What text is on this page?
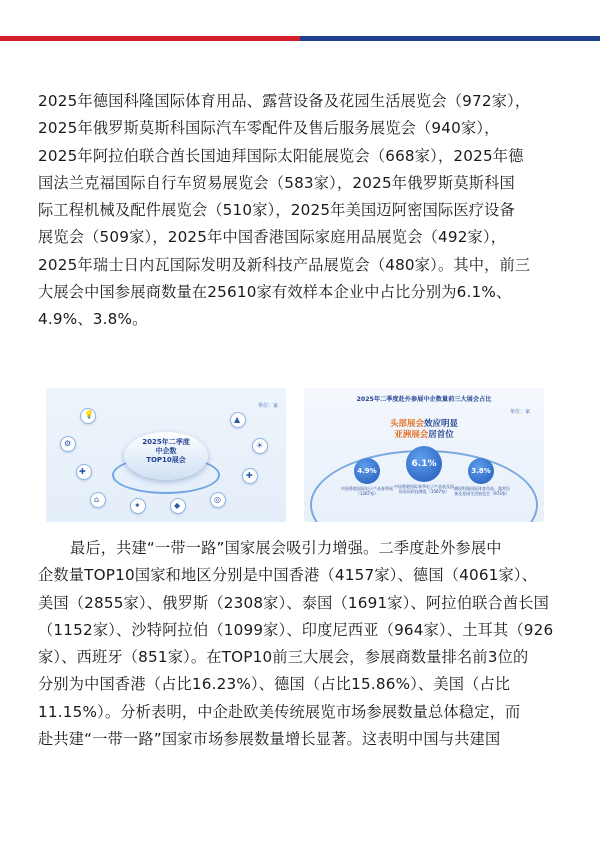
2025年德国科隆国际体育用品、露营设备及花园生活展览会（972家），
2025年俄罗斯莫斯科国际汽车零配件及售后服务展览会（940家），
2025年阿拉伯联合酋长国迪拜国际太阳能展览会（668家），2025年德
国法兰克福国际自行车贸易展览会（583家），2025年俄罗斯莫斯科国
际工程机械及配件展览会（510家），2025年美国迈阿密国际医疗设备
展览会（509家），2025年中国香港国际家庭用品展览会（492家），
2025年瑞士日内瓦国际发明及新科技产品展览会（480家）。其中，前三
大展会中国参展商数量在25610家有效样本企业中占比分别为6.1%、
4.9%、3.8%。
单位：家
💡
⚙
✚
⌂
✦	◆
◎
✚
☀
▲
2025年二季度
中企数
TOP10展会
2025年二季度赴外参展中企数量前三大展会占比
单位：家
头部展会效应明显
亚洲展会居首位
4.9%
中国香港国际电子产品春季展（1267家）
6.1%
中国香港国际春季电子产品展及国际资讯科技博览（1567家）
3.8%
德国科隆国际体育用品、露营设备及花园生活展览会（972家）
最后，共建“一带一路”国家展会吸引力增强。二季度赴外参展中
企数量TOP10国家和地区分别是中国香港（4157家）、德国（4061家）、
美国（2855家）、俄罗斯（2308家）、泰国（1691家）、阿拉伯联合酋长国
（1152家）、沙特阿拉伯（1099家）、印度尼西亚（964家）、土耳其（926
家）、西班牙（851家）。在TOP10前三大展会，参展商数量排名前3位的
分别为中国香港（占比16.23%）、德国（占比15.86%）、美国（占比
11.15%）。分析表明，中企赴欧美传统展览市场参展数量总体稳定，而
赴共建“一带一路”国家市场参展数量增长显著。这表明中国与共建国
